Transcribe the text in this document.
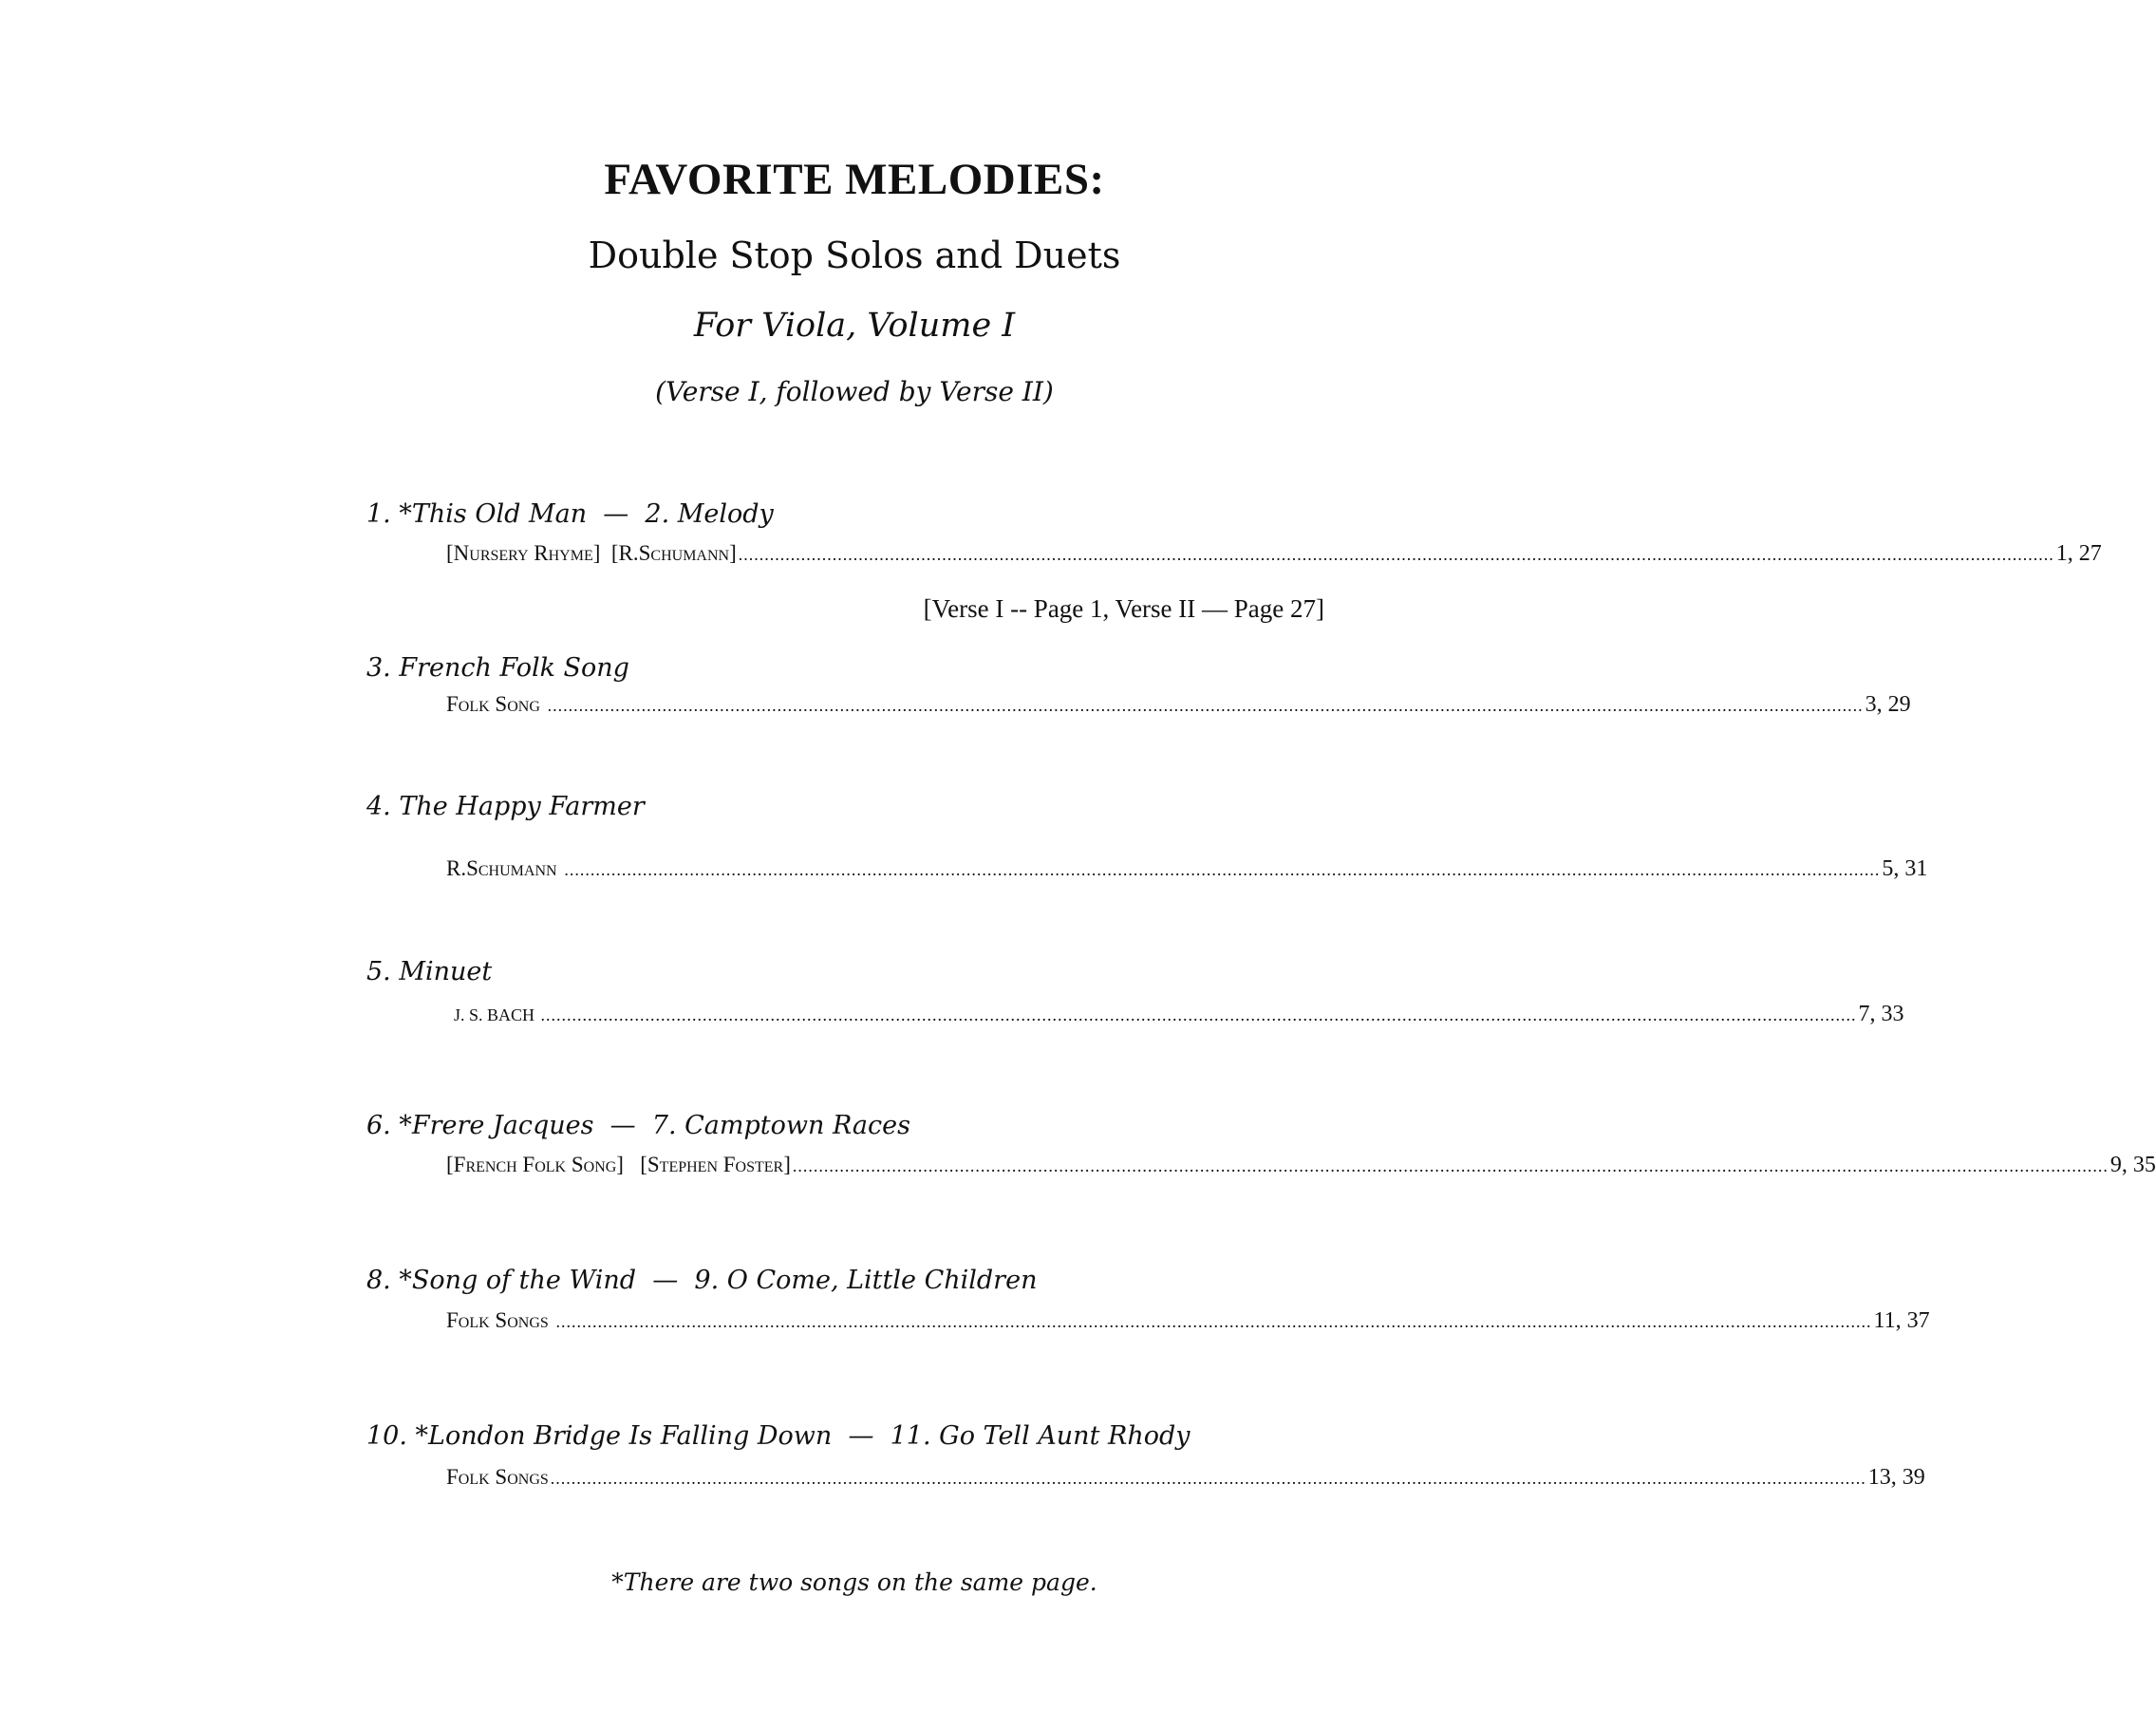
FAVORITE MELODIES:
Double Stop Solos and Duets
For Viola, Volume I
(Verse I, followed by Verse II)
1. *This Old Man  —  2. Melody
[Nursery Rhyme]  [R.Schumann] ............................................................................................................................................................................................................................................................ 1, 27
[Verse I -- Page 1, Verse II — Page 27]
3. French Folk Song
Folk Song ............................................................................................................................................................................................................................................................ 3, 29
4. The Happy Farmer
R.Schumann ............................................................................................................................................................................................................................................................ 5, 31
5. Minuet
J. S. BACH ............................................................................................................................................................................................................................................................ 7, 33
6. *Frere Jacques  —  7. Camptown Races
[French Folk Song]   [Stephen Foster] ............................................................................................................................................................................................................................................................ 9, 35
8. *Song of the Wind  —  9. O Come, Little Children
Folk Songs ............................................................................................................................................................................................................................................................ 11, 37
10. *London Bridge Is Falling Down  —  11. Go Tell Aunt Rhody
Folk Songs ............................................................................................................................................................................................................................................................ 13, 39
*There are two songs on the same page.
